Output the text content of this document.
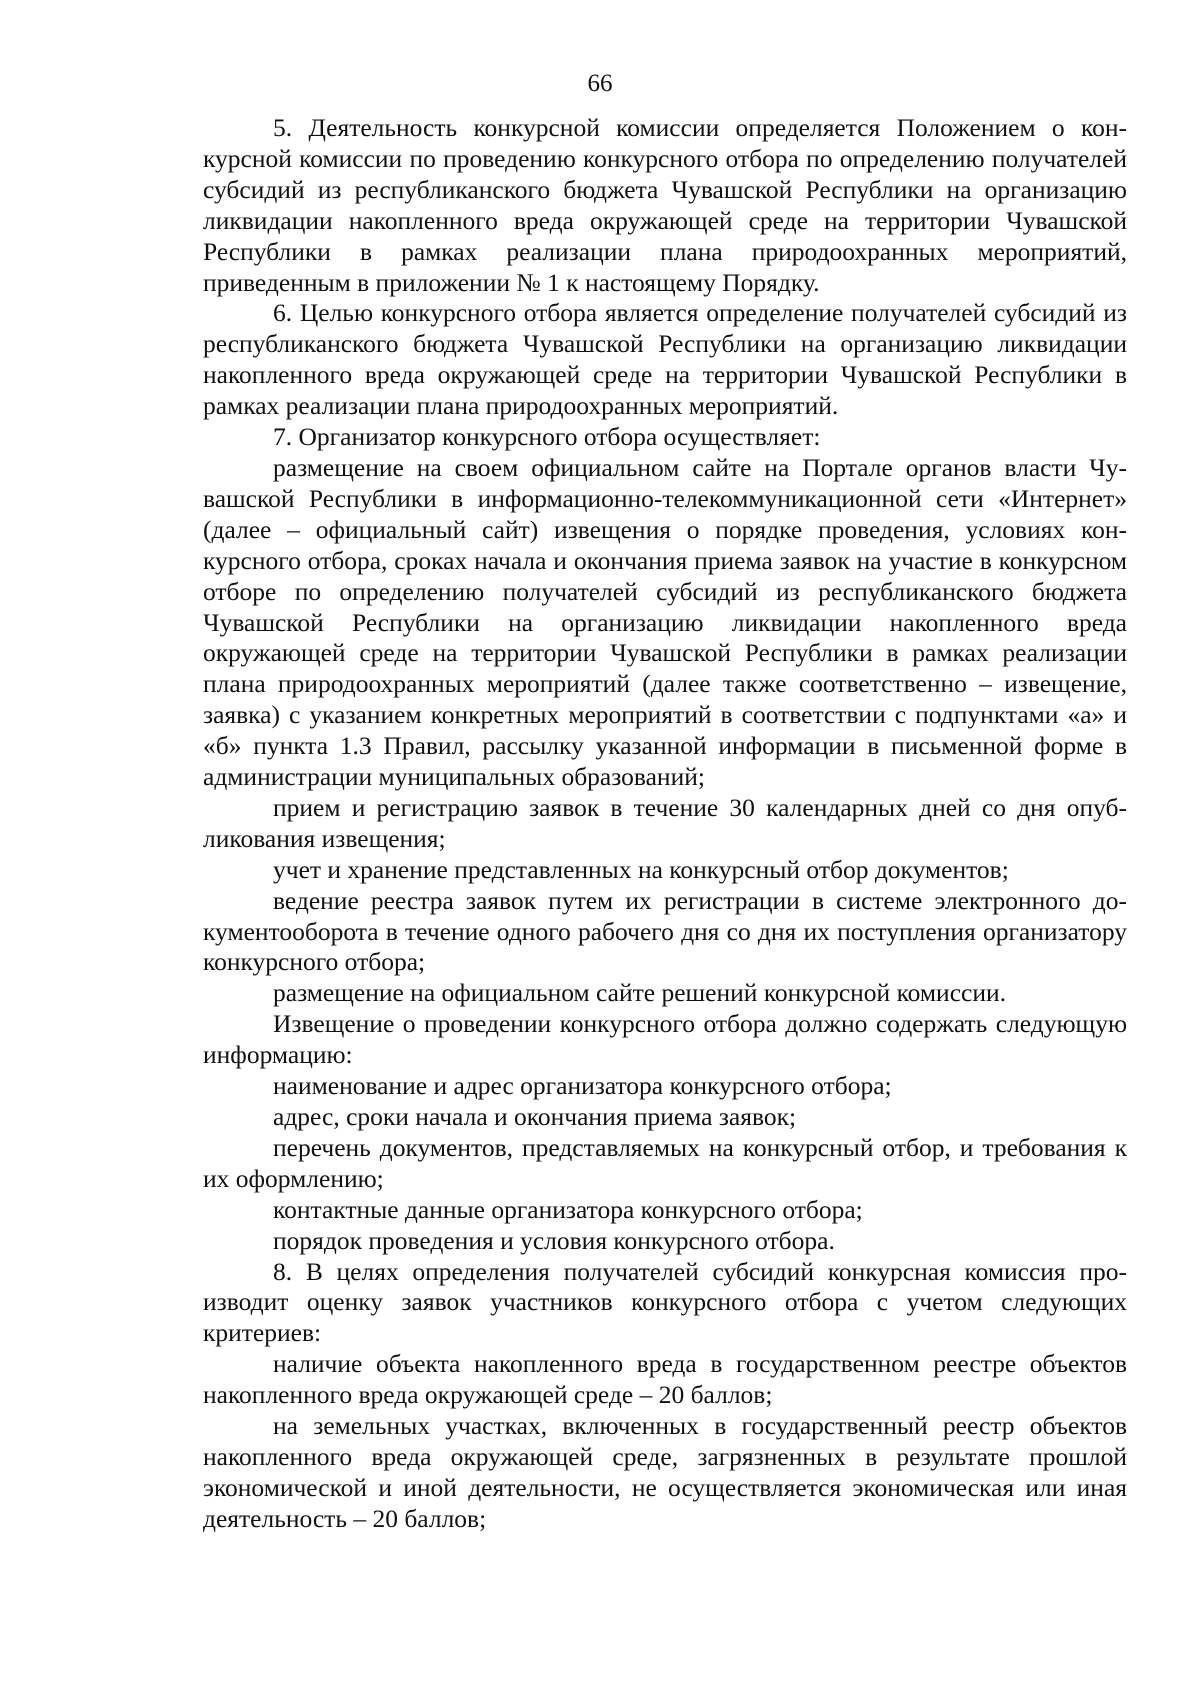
66

5. Деятельность конкурсной комиссии определяется Положением о конкурсной комиссии по проведению конкурсного отбора по определению получателей субсидий из республиканского бюджета Чувашской Республики на организацию ликвидации накопленного вреда окружающей среде на территории Чувашской Республики в рамках реализации плана природоохранных мероприятий, приведенным в приложении № 1 к настоящему Порядку.

6. Целью конкурсного отбора является определение получателей субсидий из республиканского бюджета Чувашской Республики на организацию ликвидации накопленного вреда окружающей среде на территории Чувашской Республики в рамках реализации плана природоохранных мероприятий.

7. Организатор конкурсного отбора осуществляет:

размещение на своем официальном сайте на Портале органов власти Чувашской Республики в информационно-телекоммуникационной сети «Интернет» (далее – официальный сайт) извещения о порядке проведения, условиях конкурсного отбора, сроках начала и окончания приема заявок на участие в конкурсном отборе по определению получателей субсидий из республиканского бюджета Чувашской Республики на организацию ликвидации накопленного вреда окружающей среде на территории Чувашской Республики в рамках реализации плана природоохранных мероприятий (далее также соответственно – извещение, заявка) с указанием конкретных мероприятий в соответствии с подпунктами «а» и «б» пункта 1.3 Правил, рассылку указанной информации в письменной форме в администрации муниципальных образований;

прием и регистрацию заявок в течение 30 календарных дней со дня опубликования извещения;

учет и хранение представленных на конкурсный отбор документов;

ведение реестра заявок путем их регистрации в системе электронного документооборота в течение одного рабочего дня со дня их поступления организатору конкурсного отбора;

размещение на официальном сайте решений конкурсной комиссии.

Извещение о проведении конкурсного отбора должно содержать следующую информацию:

наименование и адрес организатора конкурсного отбора;

адрес, сроки начала и окончания приема заявок;

перечень документов, представляемых на конкурсный отбор, и требования к их оформлению;

контактные данные организатора конкурсного отбора;

порядок проведения и условия конкурсного отбора.

8. В целях определения получателей субсидий конкурсная комиссия производит оценку заявок участников конкурсного отбора с учетом следующих критериев:

наличие объекта накопленного вреда в государственном реестре объектов накопленного вреда окружающей среде – 20 баллов;

на земельных участках, включенных в государственный реестр объектов накопленного вреда окружающей среде, загрязненных в результате прошлой экономической и иной деятельности, не осуществляется экономическая или иная деятельность – 20 баллов;
